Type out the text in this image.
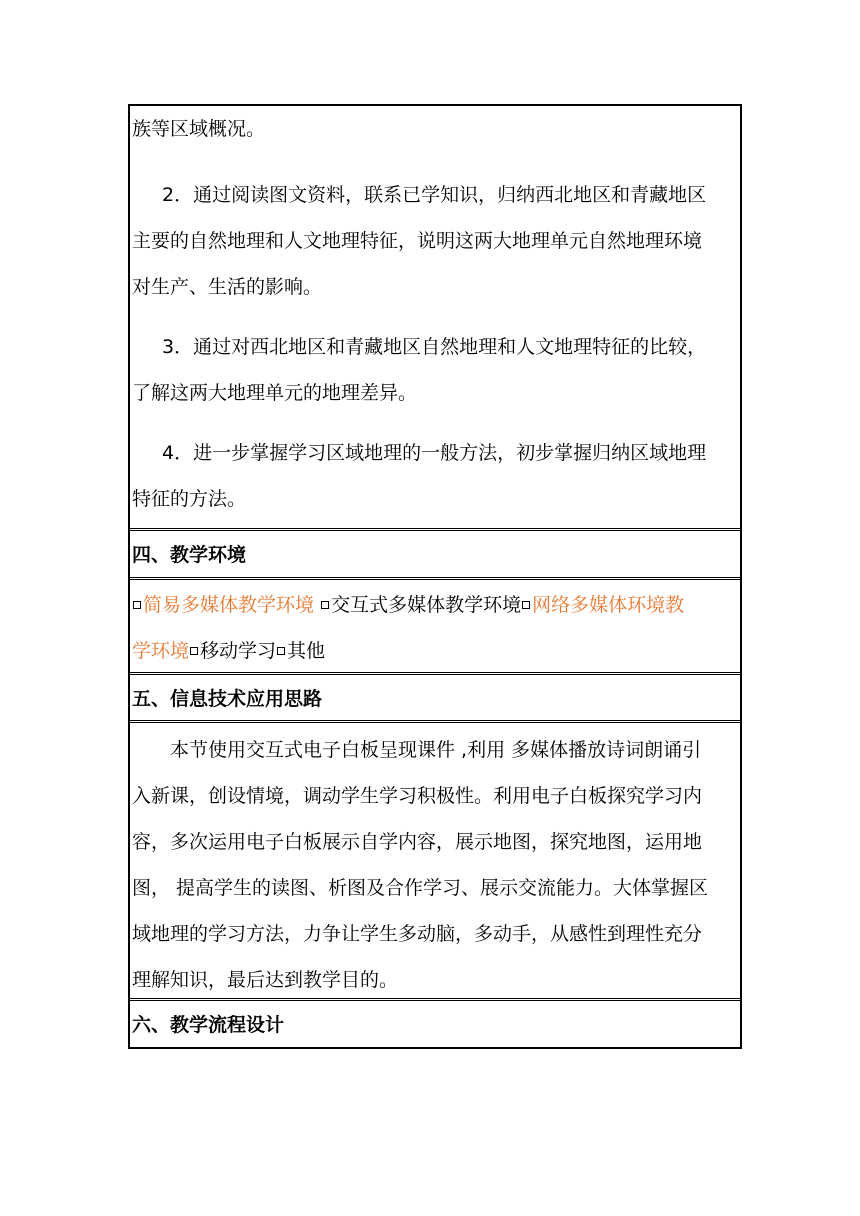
族等区域概况。

2．通过阅读图文资料，联系已学知识，归纳西北地区和青藏地区

主要的自然地理和人文地理特征，说明这两大地理单元自然地理环境

对生产、生活的影响。

3．通过对西北地区和青藏地区自然地理和人文地理特征的比较，

了解这两大地理单元的地理差异。

4．进一步掌握学习区域地理的一般方法，初步掌握归纳区域地理

特征的方法。

四、教学环境

简易多媒体教学环境 交互式多媒体教学环境 网络多媒体环境教

学环境 移动学习 其他

五、信息技术应用思路

本节使用交互式电子白板呈现课件 ,利用 多媒体播放诗词朗诵引

入新课，创设情境，调动学生学习积极性。利用电子白板探究学习内

容，多次运用电子白板展示自学内容，展示地图，探究地图，运用地

图， 提高学生的读图、析图及合作学习、展示交流能力。大体掌握区

域地理的学习方法，力争让学生多动脑，多动手，从感性到理性充分

理解知识，最后达到教学目的。

六、教学流程设计
